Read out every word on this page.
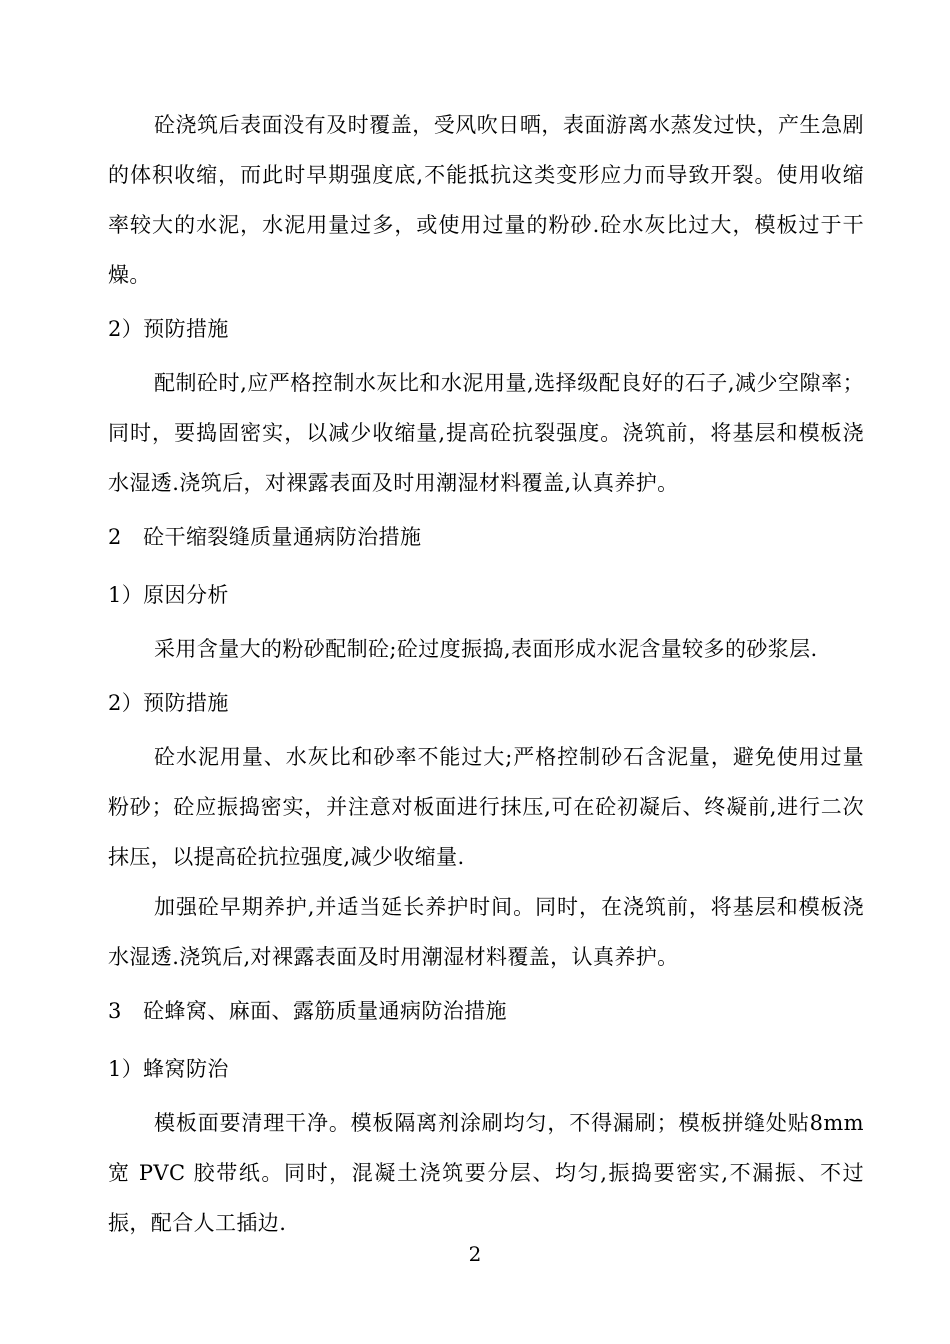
砼浇筑后表面没有及时覆盖，受风吹日晒，表面游离水蒸发过快，产生急剧的体积收缩，而此时早期强度底,不能抵抗这类变形应力而导致开裂。使用收缩率较大的水泥，水泥用量过多，或使用过量的粉砂.砼水灰比过大，模板过于干燥。

2）预防措施

配制砼时,应严格控制水灰比和水泥用量,选择级配良好的石子,减少空隙率；同时，要捣固密实，以减少收缩量,提高砼抗裂强度。浇筑前，将基层和模板浇水湿透.浇筑后，对裸露表面及时用潮湿材料覆盖,认真养护。

2　砼干缩裂缝质量通病防治措施

1）原因分析

采用含量大的粉砂配制砼;砼过度振捣,表面形成水泥含量较多的砂浆层.

2）预防措施

砼水泥用量、水灰比和砂率不能过大;严格控制砂石含泥量，避免使用过量粉砂；砼应振捣密实，并注意对板面进行抹压,可在砼初凝后、终凝前,进行二次抹压，以提高砼抗拉强度,减少收缩量.

加强砼早期养护,并适当延长养护时间。同时，在浇筑前，将基层和模板浇水湿透.浇筑后,对裸露表面及时用潮湿材料覆盖，认真养护。

3　砼蜂窝、麻面、露筋质量通病防治措施

1）蜂窝防治

模板面要清理干净。模板隔离剂涂刷均匀，不得漏刷；模板拼缝处贴8mm宽 PVC 胶带纸。同时，混凝土浇筑要分层、均匀,振捣要密实,不漏振、不过振，配合人工插边.

2
